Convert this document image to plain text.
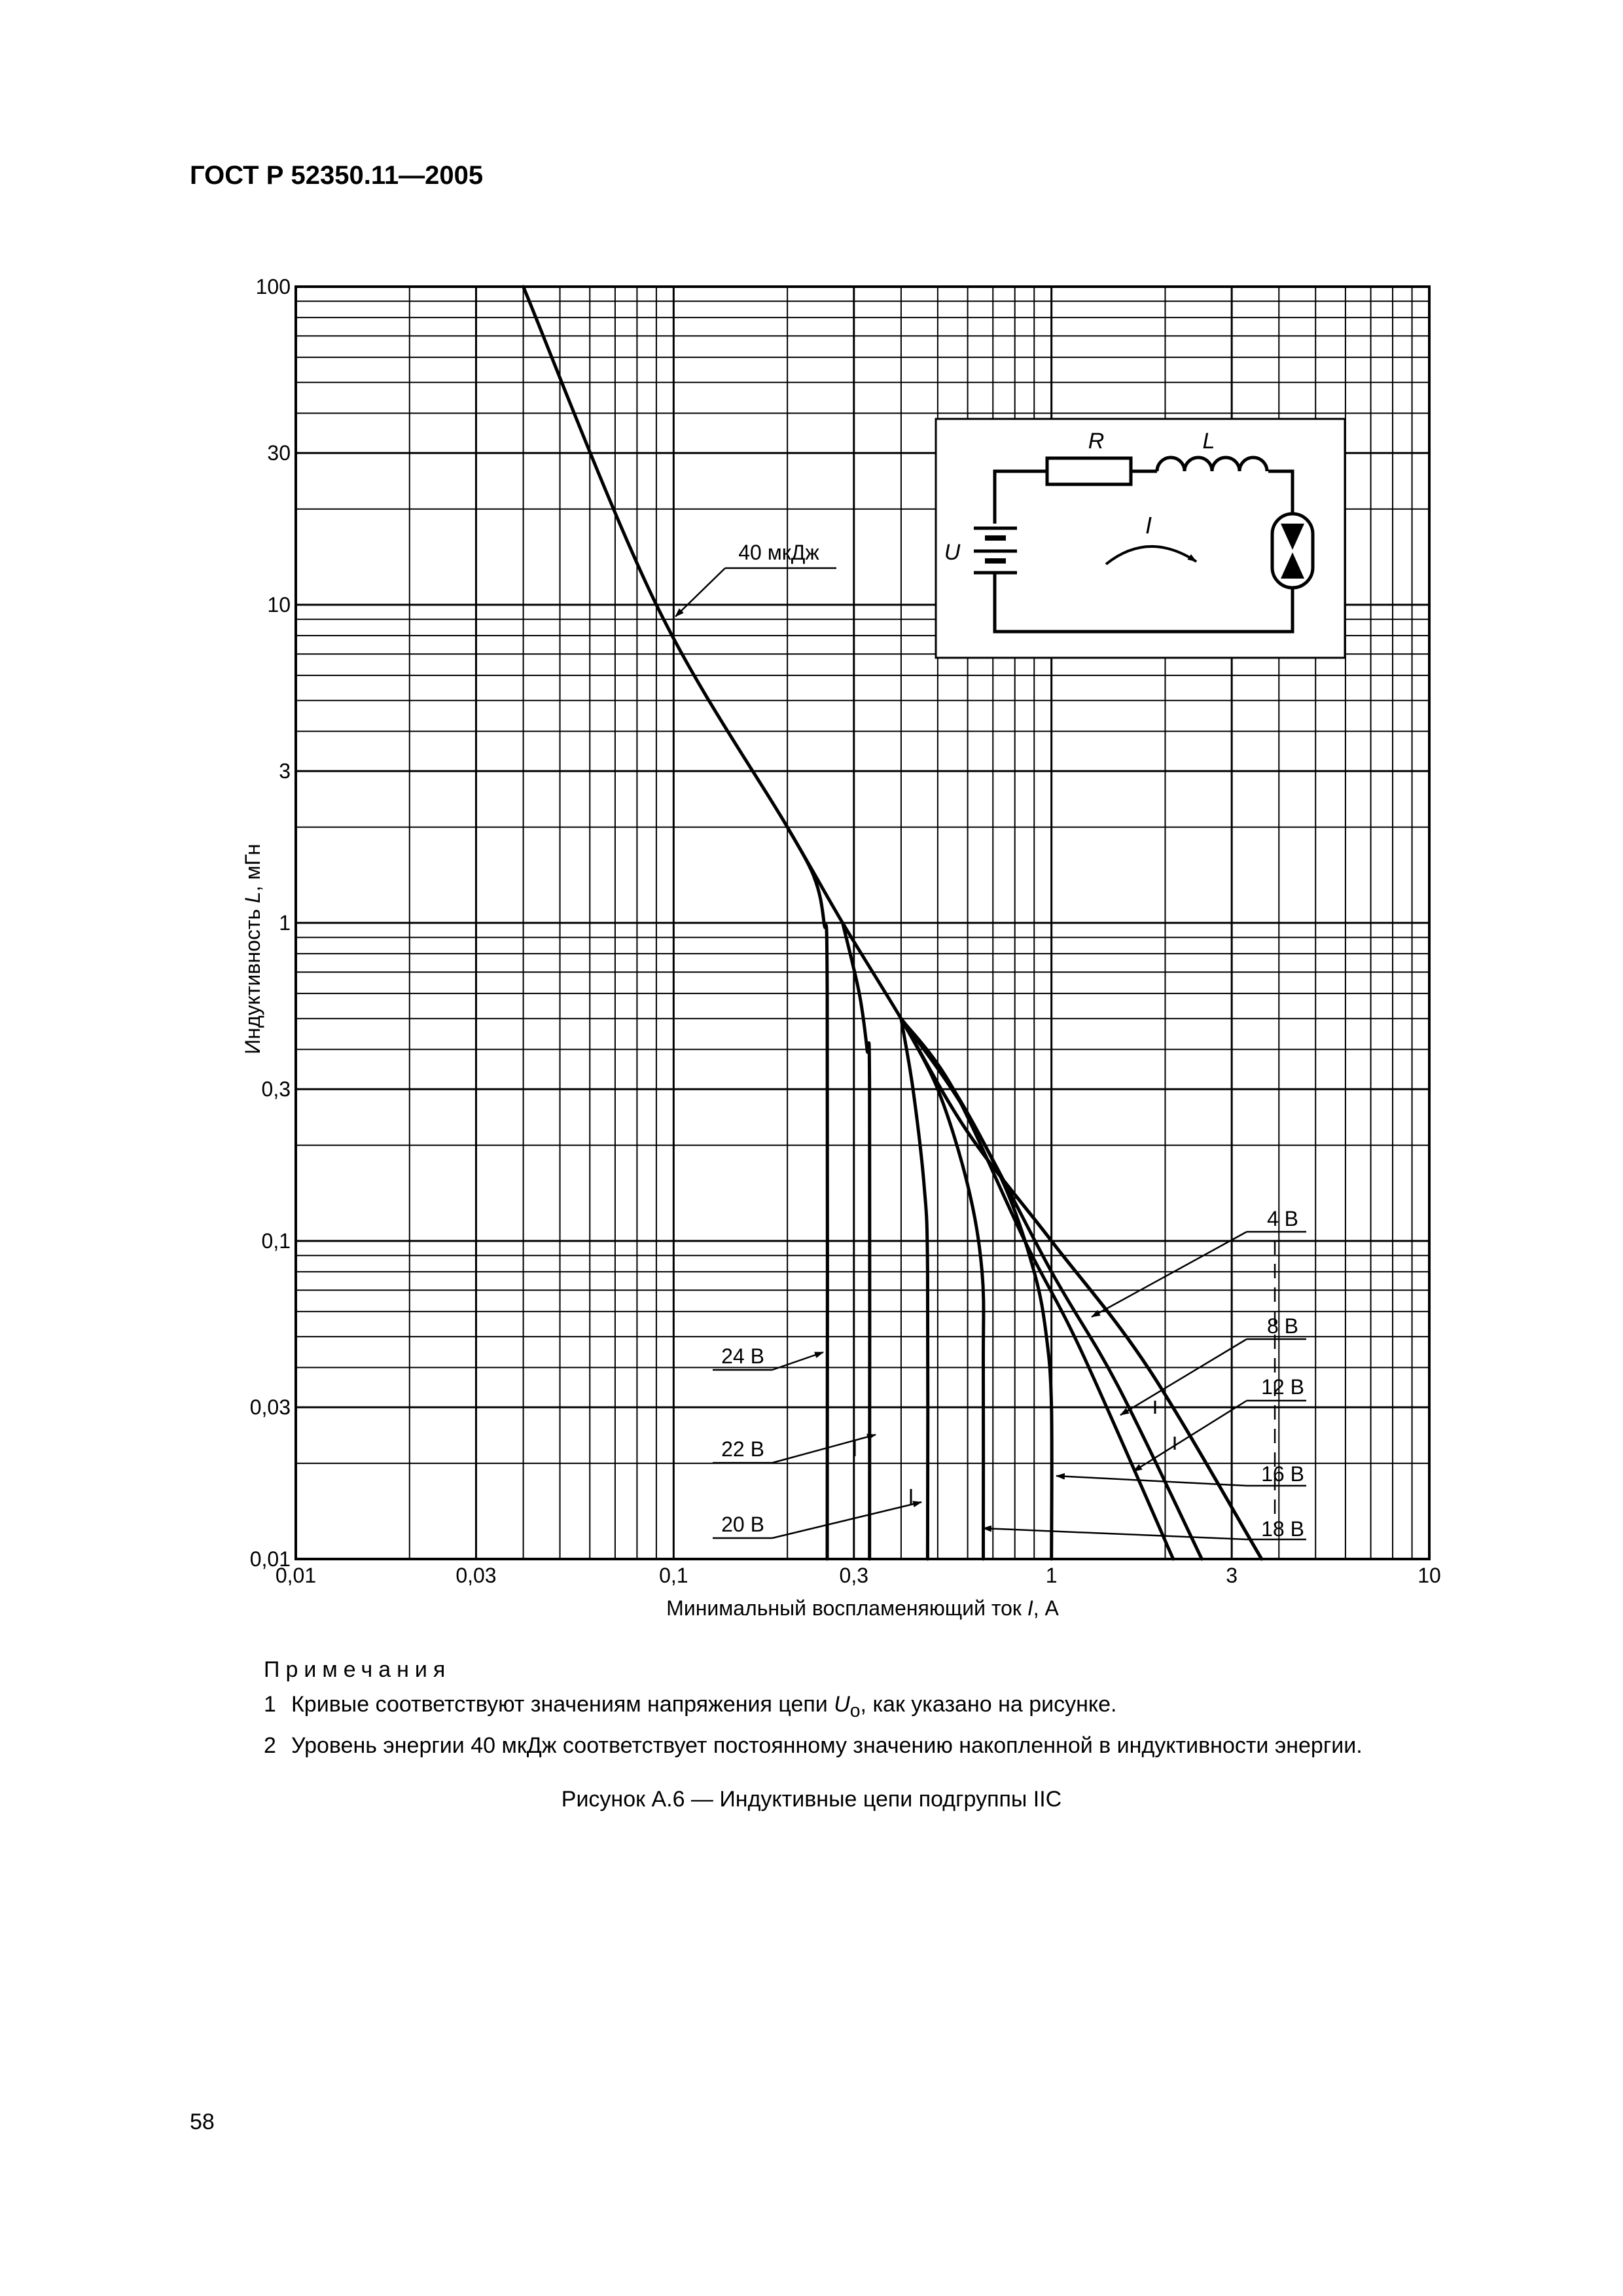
ГОСТ Р 52350.11—2005
0,01	0,03	0,1	0,3	1	3	10
100
30
10
3
1
0,3
0,1
0,03
0,01
40 мкДж
4 В
8 В
12 В
16 В
18 В
24 В
22 В
20 В
R	L
U
I
Минимальный воспламеняющий ток I, А
Индуктивность L, мГн
Примечания
1 Кривые соответствуют значениям напряжения цепи $U_о$, как указано на рисунке.
2 Уровень энергии 40 мкДж соответствует постоянному значению накопленной в индуктивности энергии.
Рисунок А.6 — Индуктивные цепи подгруппы IIC
58
